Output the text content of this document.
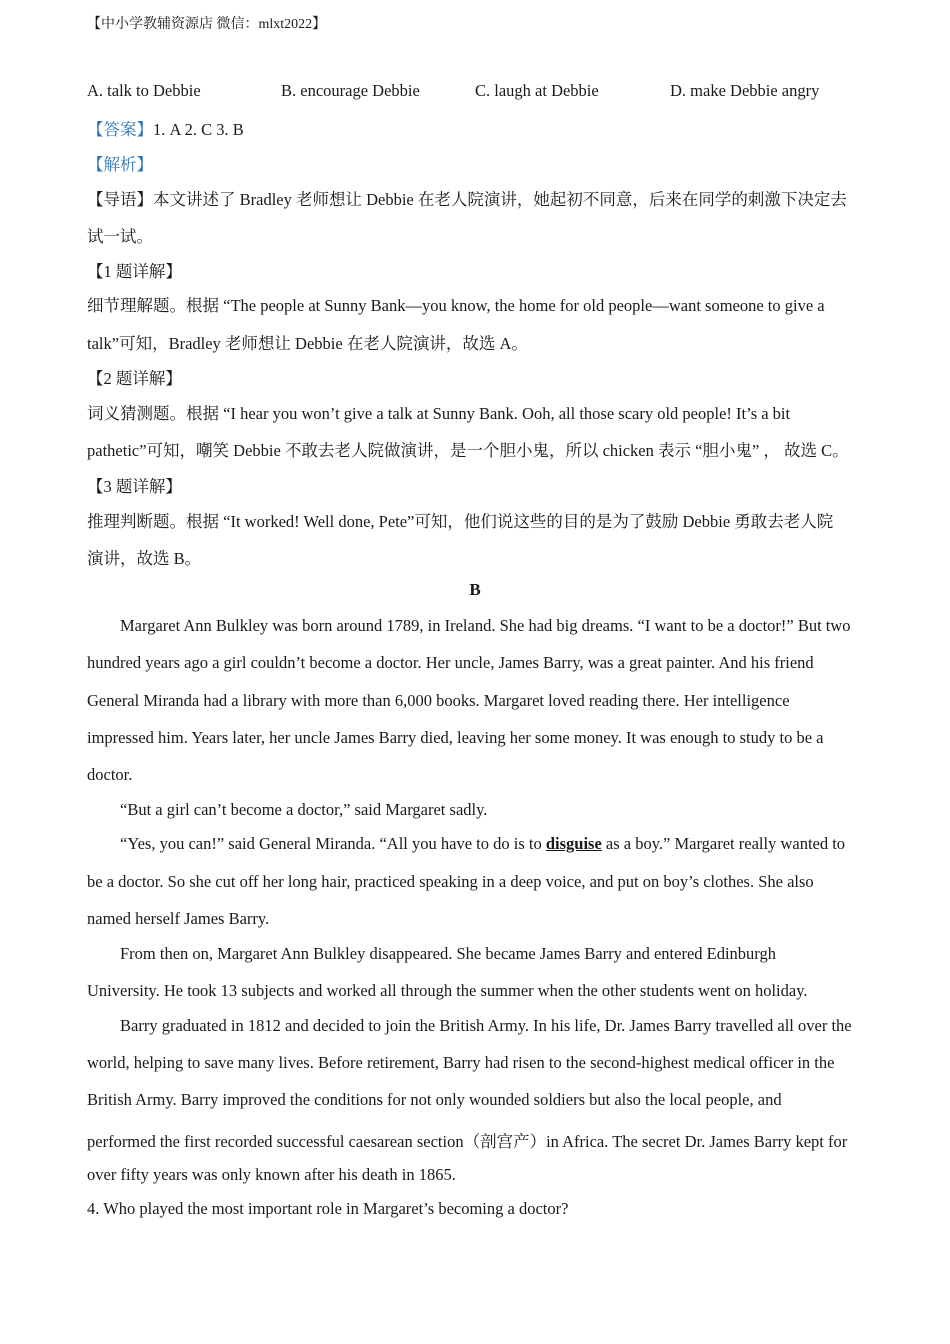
【中小学教辅资源店 微信：mlxt2022】
A. talk to Debbie	B. encourage Debbie	C. laugh at Debbie	D. make Debbie angry
【答案】1. A 2. C 3. B
【解析】
【导语】本文讲述了 Bradley 老师想让 Debbie 在老人院演讲，她起初不同意，后来在同学的刺激下决定去
试一试。
【1 题详解】
细节理解题。根据 “The people at Sunny Bank—you know, the home for old people—want someone to give a
talk”可知，Bradley 老师想让 Debbie 在老人院演讲，故选 A。
【2 题详解】
词义猜测题。根据 “I hear you won’t give a talk at Sunny Bank. Ooh, all those scary old people! It’s a bit
pathetic”可知，嘲笑 Debbie 不敢去老人院做演讲，是一个胆小鬼，所以 chicken 表示 “胆小鬼” ， 故选 C。
【3 题详解】
推理判断题。根据 “It worked! Well done, Pete”可知，他们说这些的目的是为了鼓励 Debbie 勇敢去老人院
演讲，故选 B。
B
Margaret Ann Bulkley was born around 1789, in Ireland. She had big dreams. “I want to be a doctor!” But two
hundred years ago a girl couldn’t become a doctor. Her uncle, James Barry, was a great painter. And his friend
General Miranda had a library with more than 6,000 books. Margaret loved reading there. Her intelligence
impressed him. Years later, her uncle James Barry died, leaving her some money. It was enough to study to be a
doctor.
“But a girl can’t become a doctor,” said Margaret sadly.
“Yes, you can!” said General Miranda. “All you have to do is to disguise as a boy.” Margaret really wanted to
be a doctor. So she cut off her long hair, practiced speaking in a deep voice, and put on boy’s clothes. She also
named herself James Barry.
From then on, Margaret Ann Bulkley disappeared. She became James Barry and entered Edinburgh
University. He took 13 subjects and worked all through the summer when the other students went on holiday.
Barry graduated in 1812 and decided to join the British Army. In his life, Dr. James Barry travelled all over the
world, helping to save many lives. Before retirement, Barry had risen to the second-highest medical officer in the
British Army. Barry improved the conditions for not only wounded soldiers but also the local people, and
performed the first recorded successful caesarean section（剖宫产）in Africa. The secret Dr. James Barry kept for
over fifty years was only known after his death in 1865.
4. Who played the most important role in Margaret’s becoming a doctor?
